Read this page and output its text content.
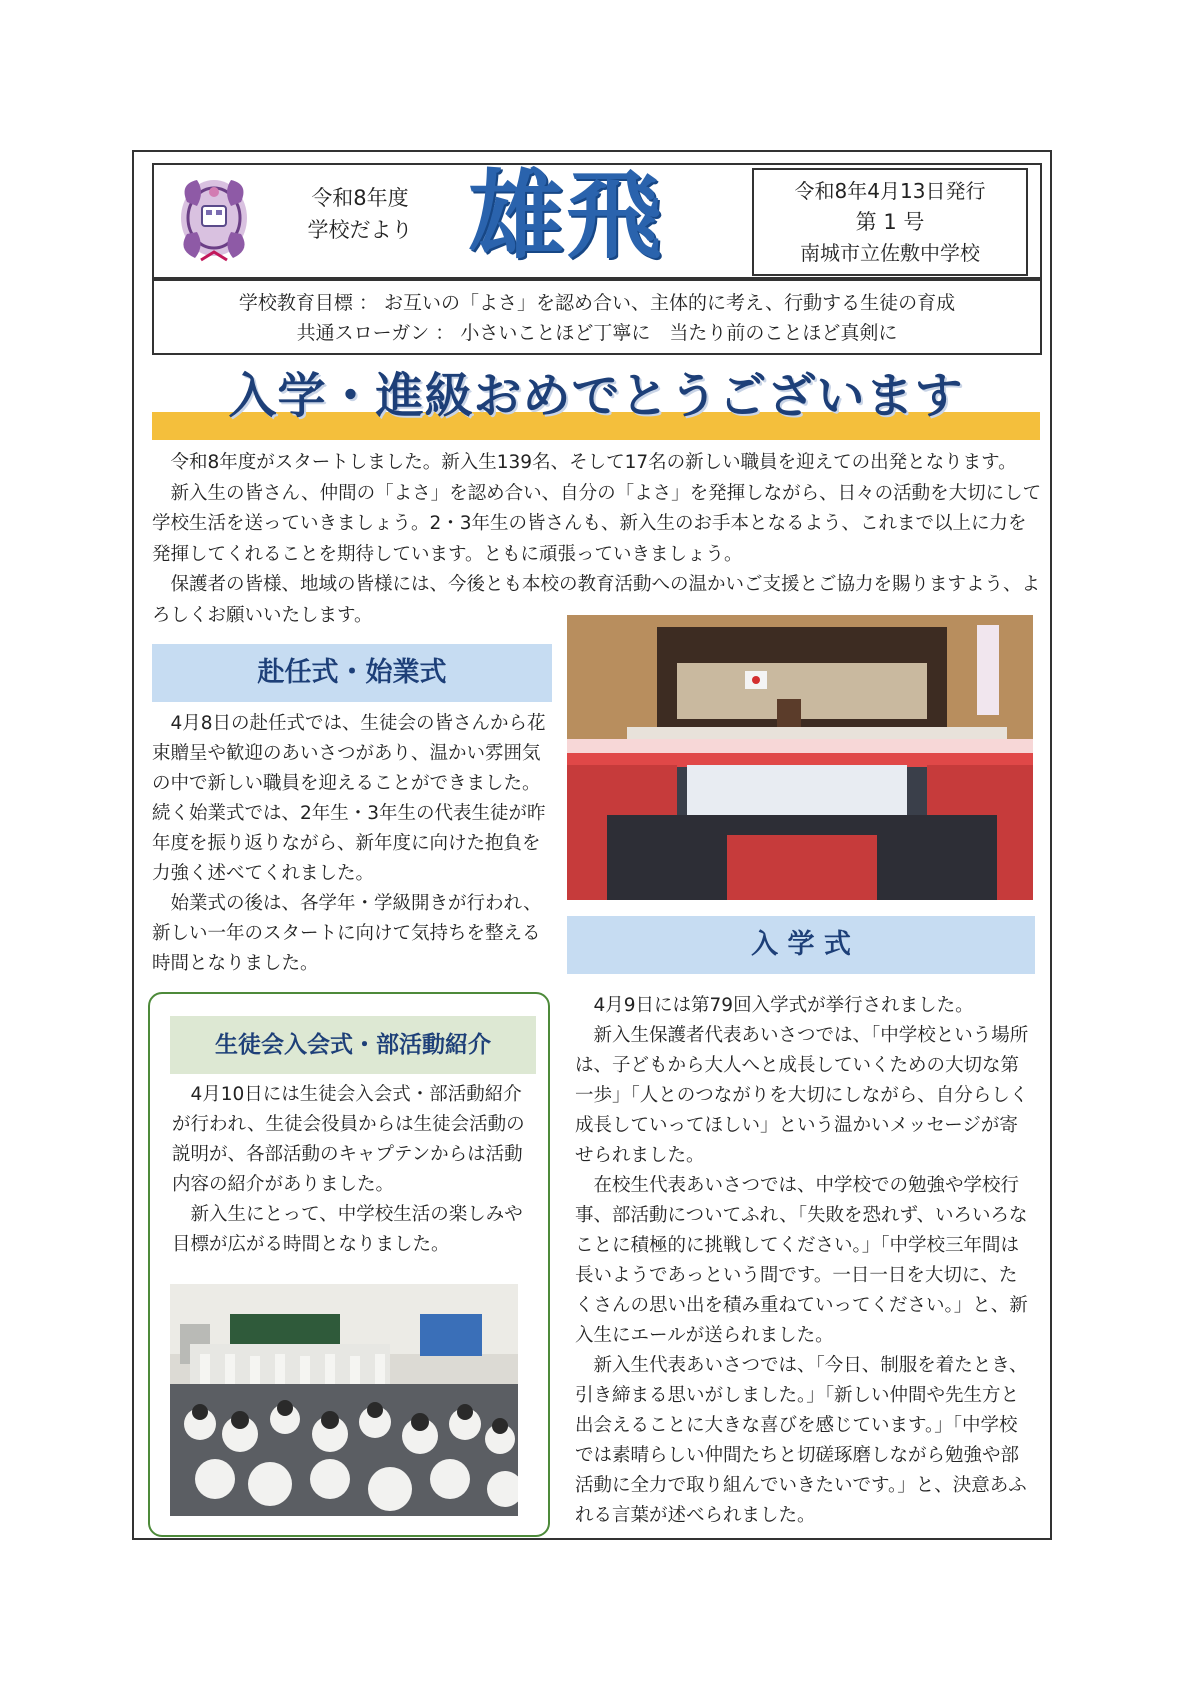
令和8年度
学校だより 雄飛	令和8年4月13日発行
第 1 号
南城市立佐敷中学校
学校教育目標 ： お互いの「よさ」を認め合い、主体的に考え、行動する生徒の育成
共通スローガン ： 小さいことほど丁寧に　当たり前のことほど真剣に
入学・進級おめでとうございます

令和8年度がスタートしました。新入生139名、そして17名の新しい職員を迎えての出発となります。

新入生の皆さん、仲間の「よさ」を認め合い、自分の「よさ」を発揮しながら、日々の活動を大切にして学校生活を送っていきましょう。2・3年生の皆さんも、新入生のお手本となるよう、これまで以上に力を発揮してくれることを期待しています。ともに頑張っていきましょう。

保護者の皆様、地域の皆様には、今後とも本校の教育活動への温かいご支援とご協力を賜りますよう、よろしくお願いいたします。

赴任式・始業式

4月8日の赴任式では、生徒会の皆さんから花束贈呈や歓迎のあいさつがあり、温かい雰囲気の中で新しい職員を迎えることができました。続く始業式では、2年生・3年生の代表生徒が昨年度を振り返りながら、新年度に向けた抱負を力強く述べてくれました。

始業式の後は、各学年・学級開きが行われ、新しい一年のスタートに向けて気持ちを整える時間となりました。

入 学 式

4月9日には第79回入学式が挙行されました。

新入生保護者代表あいさつでは、「中学校という場所は、子どもから大人へと成長していくための大切な第一歩」「人とのつながりを大切にしながら、自分らしく成長していってほしい」という温かいメッセージが寄せられました。

在校生代表あいさつでは、中学校での勉強や学校行事、部活動についてふれ、「失敗を恐れず、いろいろなことに積極的に挑戦してください。」「中学校三年間は長いようであっという間です。一日一日を大切に、たくさんの思い出を積み重ねていってください。」と、新入生にエールが送られました。

新入生代表あいさつでは、「今日、制服を着たとき、引き締まる思いがしました。」「新しい仲間や先生方と出会えることに大きな喜びを感じています。」「中学校では素晴らしい仲間たちと切磋琢磨しながら勉強や部活動に全力で取り組んでいきたいです。」と、決意あふれる言葉が述べられました。

生徒会入会式・部活動紹介

4月10日には生徒会入会式・部活動紹介が行われ、生徒会役員からは生徒会活動の説明が、各部活動のキャプテンからは活動内容の紹介がありました。

新入生にとって、中学校生活の楽しみや目標が広がる時間となりました。
